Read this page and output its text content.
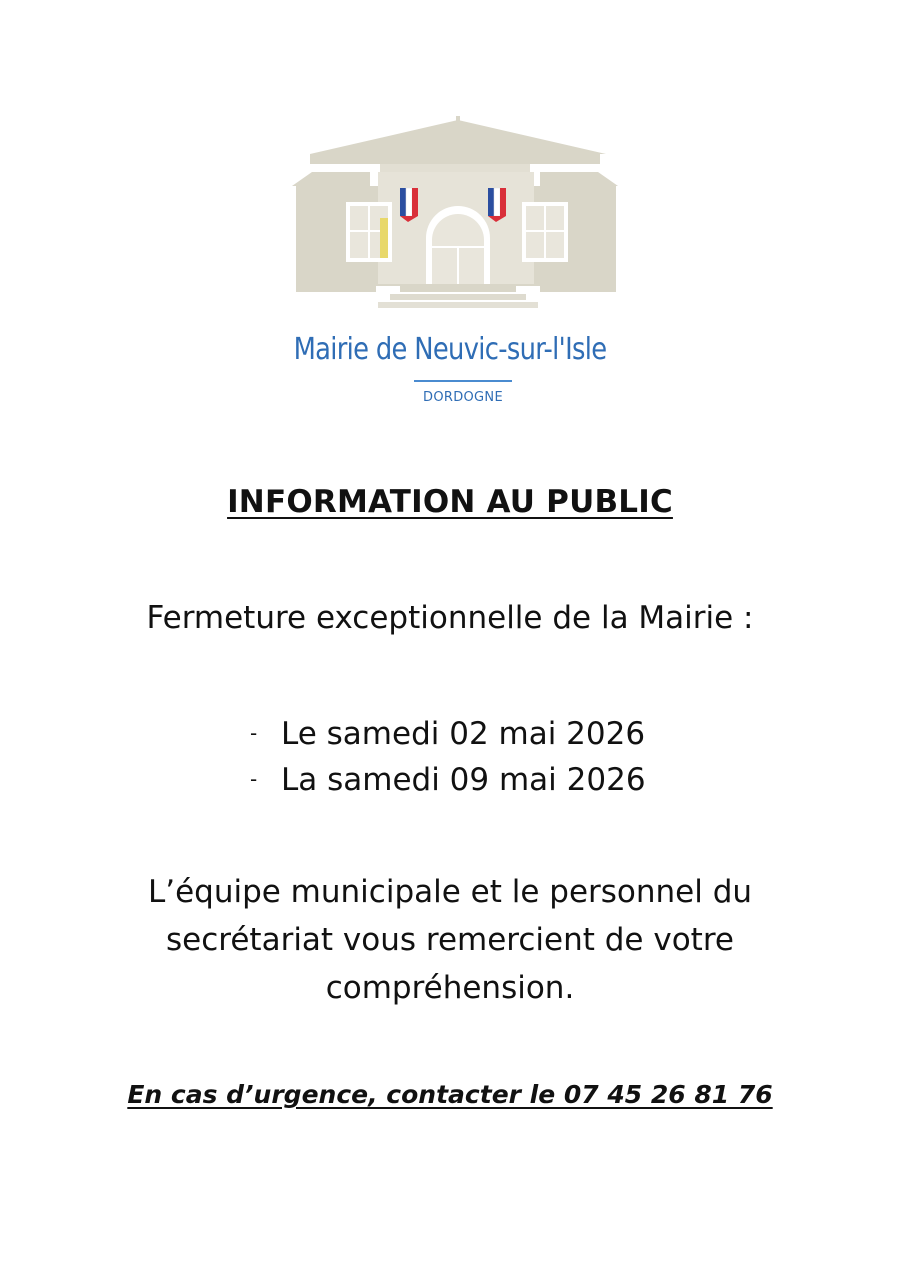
Mairie de Neuvic-sur-l'Isle
DORDOGNE
INFORMATION AU PUBLIC
Fermeture exceptionnelle de la Mairie :
- Le samedi 02 mai 2026
- La samedi 09 mai 2026
L’équipe municipale et le personnel du
secrétariat vous remercient de votre
compréhension.
En cas d’urgence, contacter le 07 45 26 81 76
